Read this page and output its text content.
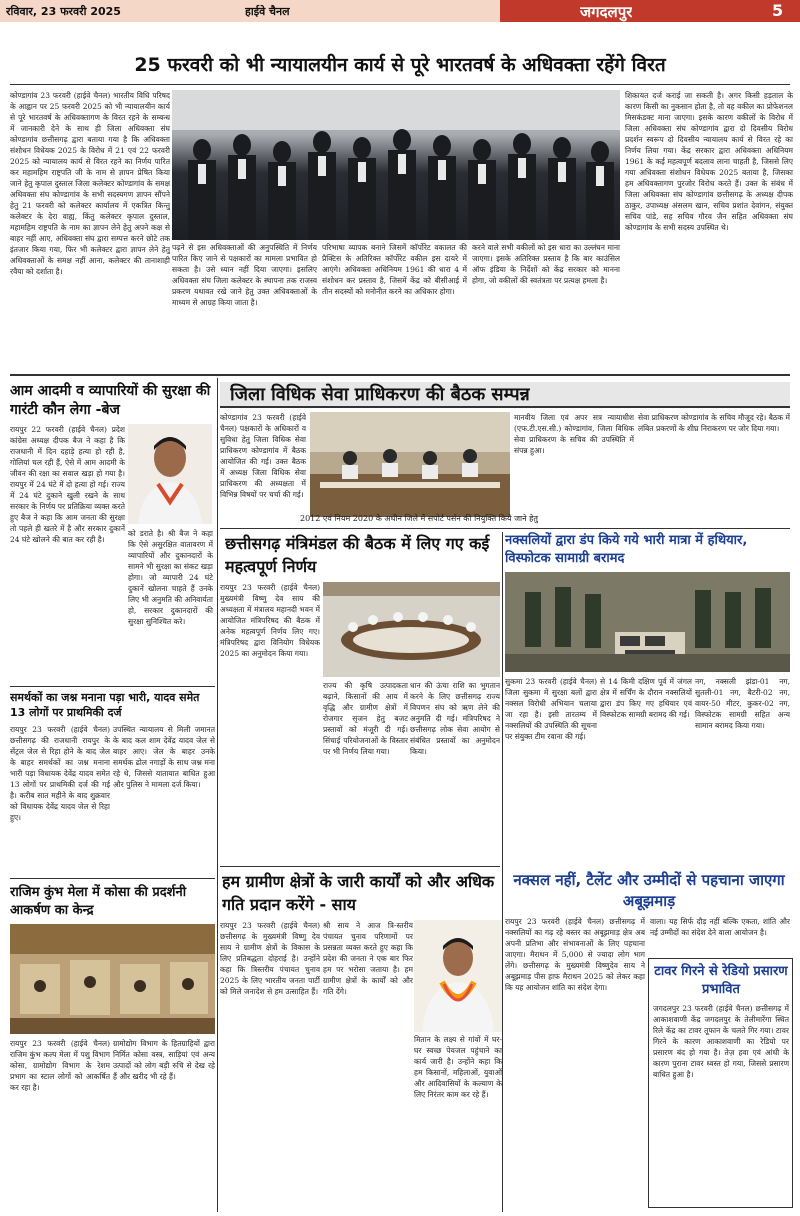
रविवार, 23 फरवरी 2025	हाईवे चैनल	जगदलपुर	5
25 फरवरी को भी न्यायालयीन कार्य से पूरे भारतवर्ष के अधिवक्ता रहेंगे विरत
कोण्डागांव 23 फरवरी (हाईवे चैनल) भारतीय विधि परिषद के आह्वान पर 25 फरवरी 2025 को भी न्यायालयीन कार्य से पूरे भारतवर्ष के अधिवक्तागण के विरत रहने के सम्बन्ध में जानकारी देने के साथ ही जिला अधिवक्ता संघ कोण्डागांव छत्तीसगढ़ द्वारा बताया गया है कि अधिवक्ता संशोधन विधेयक 2025 के विरोध में 21 एवं 22 फरवरी 2025 को न्यायालय कार्य से विरत रहने का निर्णय पारित कर महामहिम राष्ट्रपति जी के नाम से ज्ञापन प्रेषित किया जाने हेतु कृपाल दुस्ताल जिला कलेक्टर कोण्डागांव के समक्ष अधिवक्ता संघ कोण्डागांव के सभी सदस्यगण ज्ञापन सौंपने हेतु 21 फरवरी को कलेक्टर कार्यालय में एकत्रित किन्तु कलेक्टर के देरा वाह्य, किंतु कलेक्टर कृपाल दुस्ताल, महामहिम राष्ट्रपति के नाम का ज्ञापन लेने हेतु अपने कक्ष से बाहर नहीं आए, अधिवक्ता संघ द्वारा सम्पत्त करने छोटे तक इंतजार किया गया, फिर भी कलेक्टर द्वारा ज्ञापन लेने हेतु अधिवक्ताओं के समक्ष नहीं आना, कलेक्टर की तानाशाही रवैया को दर्शाता है।
पढ़ने से इस अधिवक्ताओं की अनुपस्थिति में निर्णय पारित किए जाने से पक्षकारों का मामला प्रभावित हो सकता है। उसे ध्यान नहीं दिया जाएगा। इसलिए अधिवक्ता संघ जिला कलेक्टर के स्थापना तक राजस्व प्रकरण यथावत रखे जाने हेतु उक्त अधिवक्ताओं के माध्यम से आग्रह किया जाता है।
परिभाषा व्यापक बनाने जिसमें कॉर्पोरेट वकालत की प्रैक्टिस के अतिरिक्त कॉर्पोरेट वकील इस दायरे में आएंगे। अधिवक्ता अधिनियम 1961 की धारा 4 में संशोधन कर प्रस्ताव है, जिसमें केंद्र को बीसीआई में तीन सदस्यों को मनोनीत करने का अधिकार होगा।
करने वाले सभी वकीलों को इस धारा का उल्लंघन माना जाएगा। इसके अतिरिक्त प्रस्ताव है कि बार काउंसिल ऑफ इंडिया के निर्देशों को केंद्र सरकार को मानना होगा, जो वकीलों की स्वतंत्रता पर प्रत्यक्ष हमला है।
शिकायत दर्ज कराई जा सकती है। अगर किसी हड़ताल के कारण किसी का नुकसान होता है, तो वह वकील का प्रोफेशनल मिसकंडक्ट माना जाएगा। इसके कारण वकीलों के विरोध में जिला अधिवक्ता संघ कोण्डागांव द्वारा दो दिवसीय विरोध प्रदर्शन स्वरूप दो दिवसीय न्यायालय कार्य से विरत रहे का निर्णय लिया गया। केंद्र सरकार द्वारा अधिवक्ता अधिनियम 1961 के कई महत्वपूर्ण बदलाव लाना चाहती है, जिससे लिए गया अधिवक्ता संशोधन विधेयक 2025 बताया है, जिसका हम अधिवक्तागण पुरजोर विरोध करते हैं। उक्त के संबंध में जिला अधिवक्ता संघ कोण्डागांव छत्तीसगढ़ के अध्यक्ष दीपक ठाकुर, उपाध्यक्ष अंसलम खान, सचिव प्रशांत देवांगन, संयुक्त सचिव पांडे, सह सचिव गौरव जैन सहित अधिवक्ता संघ कोण्डागांव के सभी सदस्य उपस्थित थे।
आम आदमी व व्यापारियों की सुरक्षा की गारंटी कौन लेगा -बेज
रायपुर 22 फरवरी (हाईवे चैनल) प्रदेश कांग्रेस अध्यक्ष दीपक बैज ने कहा है कि राजधानी में दिन दहाड़े हत्या हो रही है, गोलियां चल रही हैं, ऐसे में आम आदमी के जीवन की रक्षा का सवाल खड़ा हो गया है। रायपुर में 24 घंटे में दो हत्या हो गई। राज्य में 24 घंटे दुकाने खुली रखने के साथ सरकार के निर्णय पर प्रतिक्रिया व्यक्त करते हुए बैज ने कहा कि आम जनता की सुरक्षा तो पहले ही खतरे में है और सरकार दुकानें 24 घंटे खोलने की बात कर रही है।
को डराते है। श्री बैज ने कहा कि ऐसे असुरक्षित वातावरण में व्यापारियों और दुकानदारों के सामने भी सुरक्षा का संकट खड़ा होगा। जो व्यापारी 24 घंटे दुकानें खोलना चाहते हैं उनके लिए भी अनुमति की अनिवार्यता हो, सरकार दुकानदारों की सुरक्षा सुनिश्चित करे।
समर्थकों का जश्न मनाना पड़ा भारी, यादव समेत 13 लोगों पर प्राथमिकी दर्ज
रायपुर 23 फरवरी (हाईवे चैनल) छत्तीसगढ़ की राजधानी रायपुर के सेंट्रल जेल से रिहा होने के बाद जेल के बाहर समर्थकों का जश्न मनाना भारी पड़ा विधायक देवेंद्र यादव समेत 13 लोगों पर प्राथमिकी दर्ज की गई है। करीब सात महीने के बाद शुक्रवार को विधायक देवेंद्र यादव जेल से रिहा हुए।
उपस्थित न्यायालय से मिली जमानत के बाद कल शाम देवेंद्र यादव जेल से बाहर आए। जेल के बाहर उनके समर्थक ढोल नगाड़ों के साथ जश्न मना रहे थे, जिससे यातायात बाधित हुआ और पुलिस ने मामला दर्ज किया।
राजिम कुंभ मेला में कोसा की प्रदर्शनी आकर्षण का केन्द्र
जिला विधिक सेवा प्राधिकरण की बैठक सम्पन्न
कोण्डागांव 23 फरवरी (हाईवे चैनल) पक्षकारों के अधिकारों व सुविधा हेतु जिला विधिक सेवा प्राधिकरण कोण्डागांव में बैठक आयोजित की गई। उक्त बैठक में अध्यक्ष जिला विधिक सेवा प्राधिकरण की अध्यक्षता में विभिन्न विषयों पर चर्चा की गई।
मानवीय जिला एवं अपर सत्र न्यायाधीश (एफ.टी.एस.सी.) कोण्डागांव, जिला विधिक सेवा प्राधिकरण के सचिव की उपस्थिति में संपन्न हुआ।
सेवा प्राधिकरण कोण्डागांव के सचिव मौजूद रहे। बैठक में लंबित प्रकरणों के शीघ्र निराकरण पर जोर दिया गया।
2012 एवं नियम 2020 के अधीन जिले में सपोर्ट पर्सन की नियुक्ति किये जाने हेतु
छत्तीसगढ़ मंत्रिमंडल की बैठक में लिए गए कई महत्वपूर्ण निर्णय
रायपुर 23 फरवरी (हाईवे चैनल) मुख्यमंत्री विष्णु देव साय की अध्यक्षता में मंत्रालय महानदी भवन में आयोजित मंत्रिपरिषद की बैठक में अनेक महत्वपूर्ण निर्णय लिए गए। मंत्रिपरिषद द्वारा विनियोग विधेयक 2025 का अनुमोदन किया गया।
राज्य की कृषि उत्पादकता बढ़ाने, किसानों की आय में वृद्धि और ग्रामीण क्षेत्रों में रोजगार सृजन हेतु बजट प्रस्तावों को मंजूरी दी गई। सिंचाई परियोजनाओं के विस्तार पर भी निर्णय लिया गया।
धान की ऊंचा राशि का भुगतान करने के लिए छत्तीसगढ़ राज्य विपणन संघ को ऋण लेने की अनुमति दी गई। मंत्रिपरिषद ने छत्तीसगढ़ लोक सेवा आयोग से संबंधित प्रस्तावों का अनुमोदन किया।
नक्सलियों द्वारा डंप किये गये भारी मात्रा में हथियार, विस्फोटक सामाग्री बरामद
सुकमा 23 फरवरी (हाईवे चैनल) जिला सुकमा में सुरक्षा बलों द्वारा नक्सल विरोधी अभियान चलाया जा रहा है। इसी तारतम्य में नक्सलियों की उपस्थिति की सूचना पर संयुक्त टीम रवाना की गई।
से 14 किमी दक्षिण पूर्व में जंगल क्षेत्र में सर्चिंग के दौरान नक्सलियों द्वारा डंप किए गए हथियार एवं विस्फोटक सामग्री बरामद की गई।
नग, नक्सली झंडा-01 नग, सुतली-01 नग, बैटरी-02 नग, वायर-50 मीटर, कुकर-02 नग, विस्फोटक सामग्री सहित अन्य सामान बरामद किया गया।
हम ग्रामीण क्षेत्रों के जारी कार्यों को और अधिक गति प्रदान करेंगे - साय
रायपुर 23 फरवरी (हाईवे चैनल) छत्तीसगढ़ के मुख्यमंत्री विष्णु देव साय ने ग्रामीण क्षेत्रों के विकास के लिए प्रतिबद्धता दोहराई है। उन्होंने कहा कि त्रिस्तरीय पंचायत चुनाव 2025 के लिए भारतीय जनता पार्टी को मिले जनादेश से हम उत्साहित हैं।
श्री साय ने आज त्रि-स्तरीय पंचायत चुनाव परिणामों पर प्रसन्नता व्यक्त करते हुए कहा कि प्रदेश की जनता ने एक बार फिर हम पर भरोसा जताया है। हम ग्रामीण क्षेत्रों के कार्यों को और गति देंगे।
मितान के लक्ष्य से गांवों में घर-घर स्वच्छ पेयजल पहुंचाने का कार्य जारी है। उन्होंने कहा कि हम किसानों, महिलाओं, युवाओं और आदिवासियों के कल्याण के लिए निरंतर काम कर रहे हैं।
नक्सल नहीं, टैलेंट और उम्मीदों से पहचाना जाएगा अबूझमाड़
रायपुर 23 फरवरी (हाईवे चैनल) छत्तीसगढ़ में नक्सलियों का गढ़ रहे बस्तर का अबूझमाड़ क्षेत्र अब अपनी प्रतिभा और संभावनाओं के लिए पहचाना जाएगा। मैराथन में 5,000 से ज्यादा लोग भाग लेंगे। छत्तीसगढ़ के मुख्यमंत्री विष्णुदेव साय ने अबूझमाड़ पीस हाफ मैराथन 2025 को लेकर कहा कि यह आयोजन शांति का संदेश देगा।
वाला। यह सिर्फ दौड़ नहीं बल्कि एकता, शांति और नई उम्मीदों का संदेश देने वाला आयोजन है।
टावर गिरने से रेडियो प्रसारण प्रभावित
जगदलपुर 23 फरवरी (हाईवे चैनल) छत्तीसगढ़ में आकाशवाणी केंद्र जगदलपुर के तेलीमारेंगा स्थित रिले केंद्र का टावर तूफान के चलते गिर गया। टावर गिरने के कारण आकाशवाणी का रेडियो पर प्रसारण बंद हो गया है। तेज़ हवा एवं आंधी के कारण पुराना टावर ध्वस्त हो गया, जिससे प्रसारण बाधित हुआ है।
रायपुर 23 फरवरी (हाईवे चैनल) राजिम कुंभ कल्प मेला में पशु विभाग कोसा, ग्रामोद्योग विभाग के रेशम प्रभाग का स्टाल लोगों को आकर्षित कर रहा है।
ग्रामोद्योग विभाग के हितग्राहियों द्वारा निर्मित कोसा वस्त्र, साड़ियां एवं अन्य उत्पादों को लोग बड़ी रुचि से देख रहे हैं और खरीद भी रहे हैं।
